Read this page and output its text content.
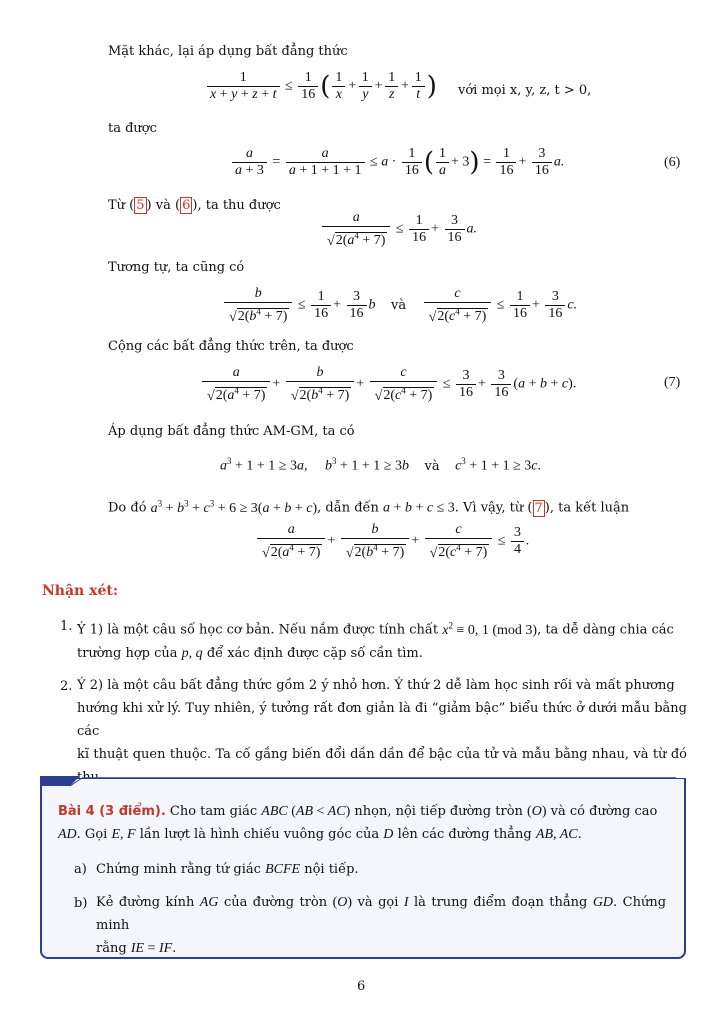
Mặt khác, lại áp dụng bất đẳng thức
$\frac{1}{x + y + z + t} \le \frac{1}{16}$ ( $\frac{1}{x} + \frac{1}{y} + \frac{1}{z} + \frac{1}{t}$ ) với mọi x, y, z, t > 0,
ta được
$\frac{a}{a + 3} = \frac{a}{a + 1 + 1 + 1} \le a \cdot \frac{1}{16}$ ( $\frac{1}{a} + 3) = \frac{1}{16} + \frac{3}{16} a$.	(6)
Từ ( 5 ) và ( 6 ), ta thu được
a
√ $2(a^4 + 7) \le \frac{1}{16} + \frac{3}{16} a$.
Tương tự, ta cũng có
b
√ $2(b^4 + 7) \le \frac{1}{16} + \frac{3}{16}$ b và c
√ $2(c^4 + 7) \le \frac{1}{16} + \frac{3}{16} c$.
Cộng các bất đẳng thức trên, ta được
a
√ $2(a^4 + 7) + b$
√ $2(b^4 + 7) + c$
√ $2(c^4 + 7) \le \frac{3}{16} + \frac{3}{16} (a + b + c)$.	(7)
Áp dụng bất đẳng thức AM-GM, ta có
$a^3 + 1 + 1 \ge 3a$, $b^3 + 1 + 1 \ge 3b$ và $c^3 + 1 + 1 \ge 3c$.
Do đó $a^3 + b^3 + c^3 + 6 \ge 3(a + b + c)$, dẫn đến a + b + c ≤ 3. Vì vậy, từ ( 7 ), ta kết luận
a
√ $2(a^4 + 7) + b$
√ $2(b^4 + 7) + c$
√ $2(c^4 + 7) \le \frac{3}{4}$ .
Nhận xét:
1. Ý 1) là một câu số học cơ bản. Nếu nắm được tính chất $x^2 \equiv 0$, 1 (mod 3), ta dễ dàng chia các
trường hợp của p, q để xác định được cặp số cần tìm.
2. Ý 2) là một câu bất đẳng thức gồm 2 ý nhỏ hơn. Ý thứ 2 dễ làm học sinh rối và mất phương
hướng khi xử lý. Tuy nhiên, ý tưởng rất đơn giản là đi “giảm bậc” biểu thức ở dưới mẫu bằng các
kĩ thuật quen thuộc. Ta cố gắng biến đổi dần dần để bậc của tử và mẫu bằng nhau, và từ đó
Bài 4 (3 điểm). Cho tam giác ABC (AB < AC) nhọn, nội tiếp đường tròn (O) và có đường cao
AD. Gọi E, F lần lượt là hình chiếu vuông góc của D lên các đường thẳng AB, AC.
a) Chứng minh rằng tứ giác BCFE nội tiếp.
b) Kẻ đường kính AG của đường tròn (O) và gọi I là trung điểm đoạn thẳng GD. Chứng minh
rằng IE = IF.
6
